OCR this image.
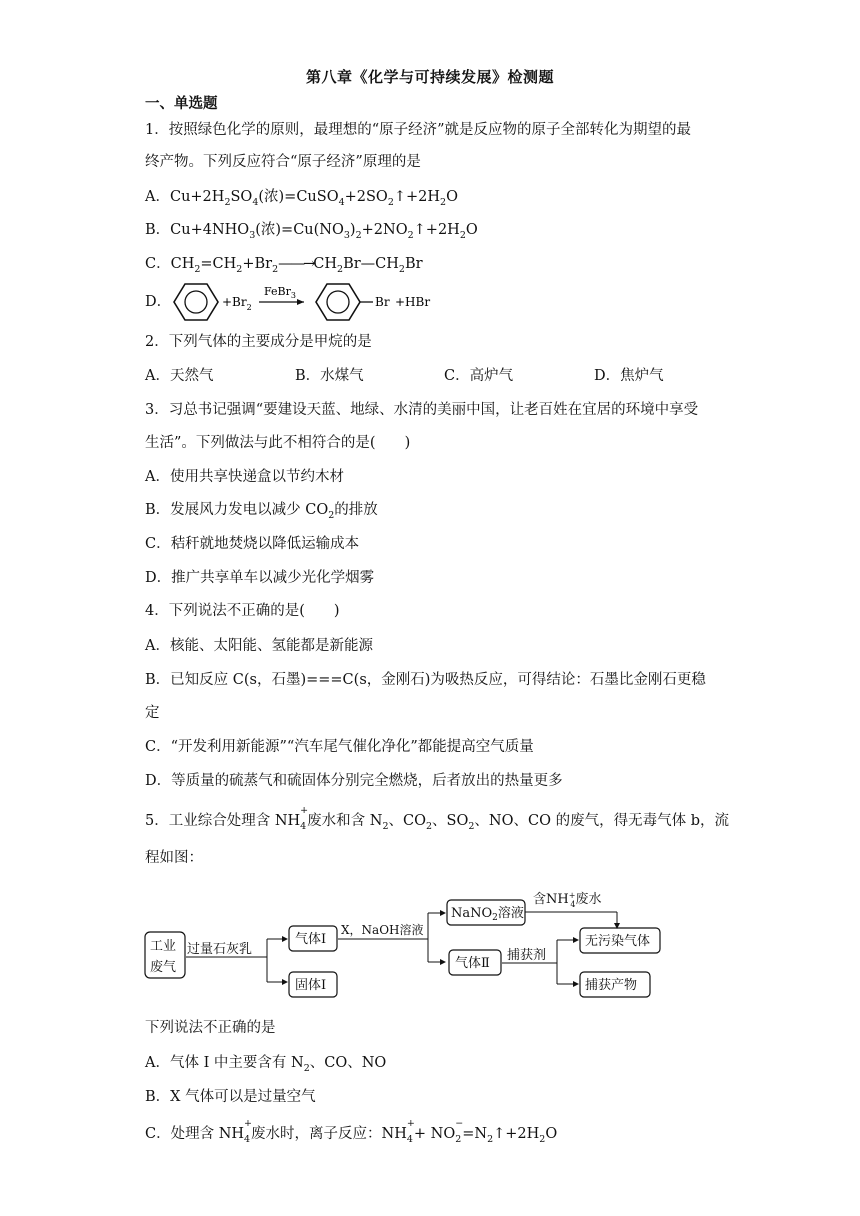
第八章《化学与可持续发展》检测题
一、单选题
1．按照绿色化学的原则，最理想的“原子经济”就是反应物的原子全部转化为期望的最
终产物。下列反应符合“原子经济”原理的是
A．$Cu+2H_2SO_4$(浓)$=CuSO_4+2SO_2↑+2H_2O$
B．$Cu+4NHO_3$(浓)$=Cu(NO_3)_2+2NO_2↑+2H_2O$
C．$CH_2=CH_2+Br_2——\to CH_2Br—CH_2Br$
D．	$+Br_2$
FeBr$_3$	Br +HBr
2．下列气体的主要成分是甲烷的是
A．天然气	B．水煤气	C．高炉气	D．焦炉气
3．习总书记强调“要建设天蓝、地绿、水清的美丽中国，让老百姓在宜居的环境中享受
生活”。下列做法与此不相符合的是(　　)
A．使用共享快递盒以节约木材
B．发展风力发电以减少 $CO_2$的排放
C．秸秆就地焚烧以降低运输成本
D．推广共享单车以减少光化学烟雾
4．下列说法不正确的是(　　)
A．核能、太阳能、氢能都是新能源
B．已知反应 C(s，石墨)===C(s，金刚石)为吸热反应，可得结论：石墨比金刚石更稳
定
C．“开发利用新能源”“汽车尾气催化净化”都能提高空气质量
D．等质量的硫蒸气和硫固体分别完全燃烧，后者放出的热量更多
5．工业综合处理含 NH
+
4 废水和含 $N_2$、$CO_2$、$SO_2$、NO、CO 的废气，得无毒气体 b，流
程如图：
工业
废气
过量石灰乳
气体Ⅰ
固体Ⅰ
X，NaOH溶液
NaNO$_2$溶液
含NH+ 4废水
气体Ⅱ
捕获剂
无污染气体
捕获产物
下列说法不正确的是
A．气体 I 中主要含有 $N_2$、CO、NO
B．X 气体可以是过量空气
C．处理含 NH
+
4 废水时，离子反应：NH
+
4 + NO
−
$2 =N_2↑+2H_2O$
